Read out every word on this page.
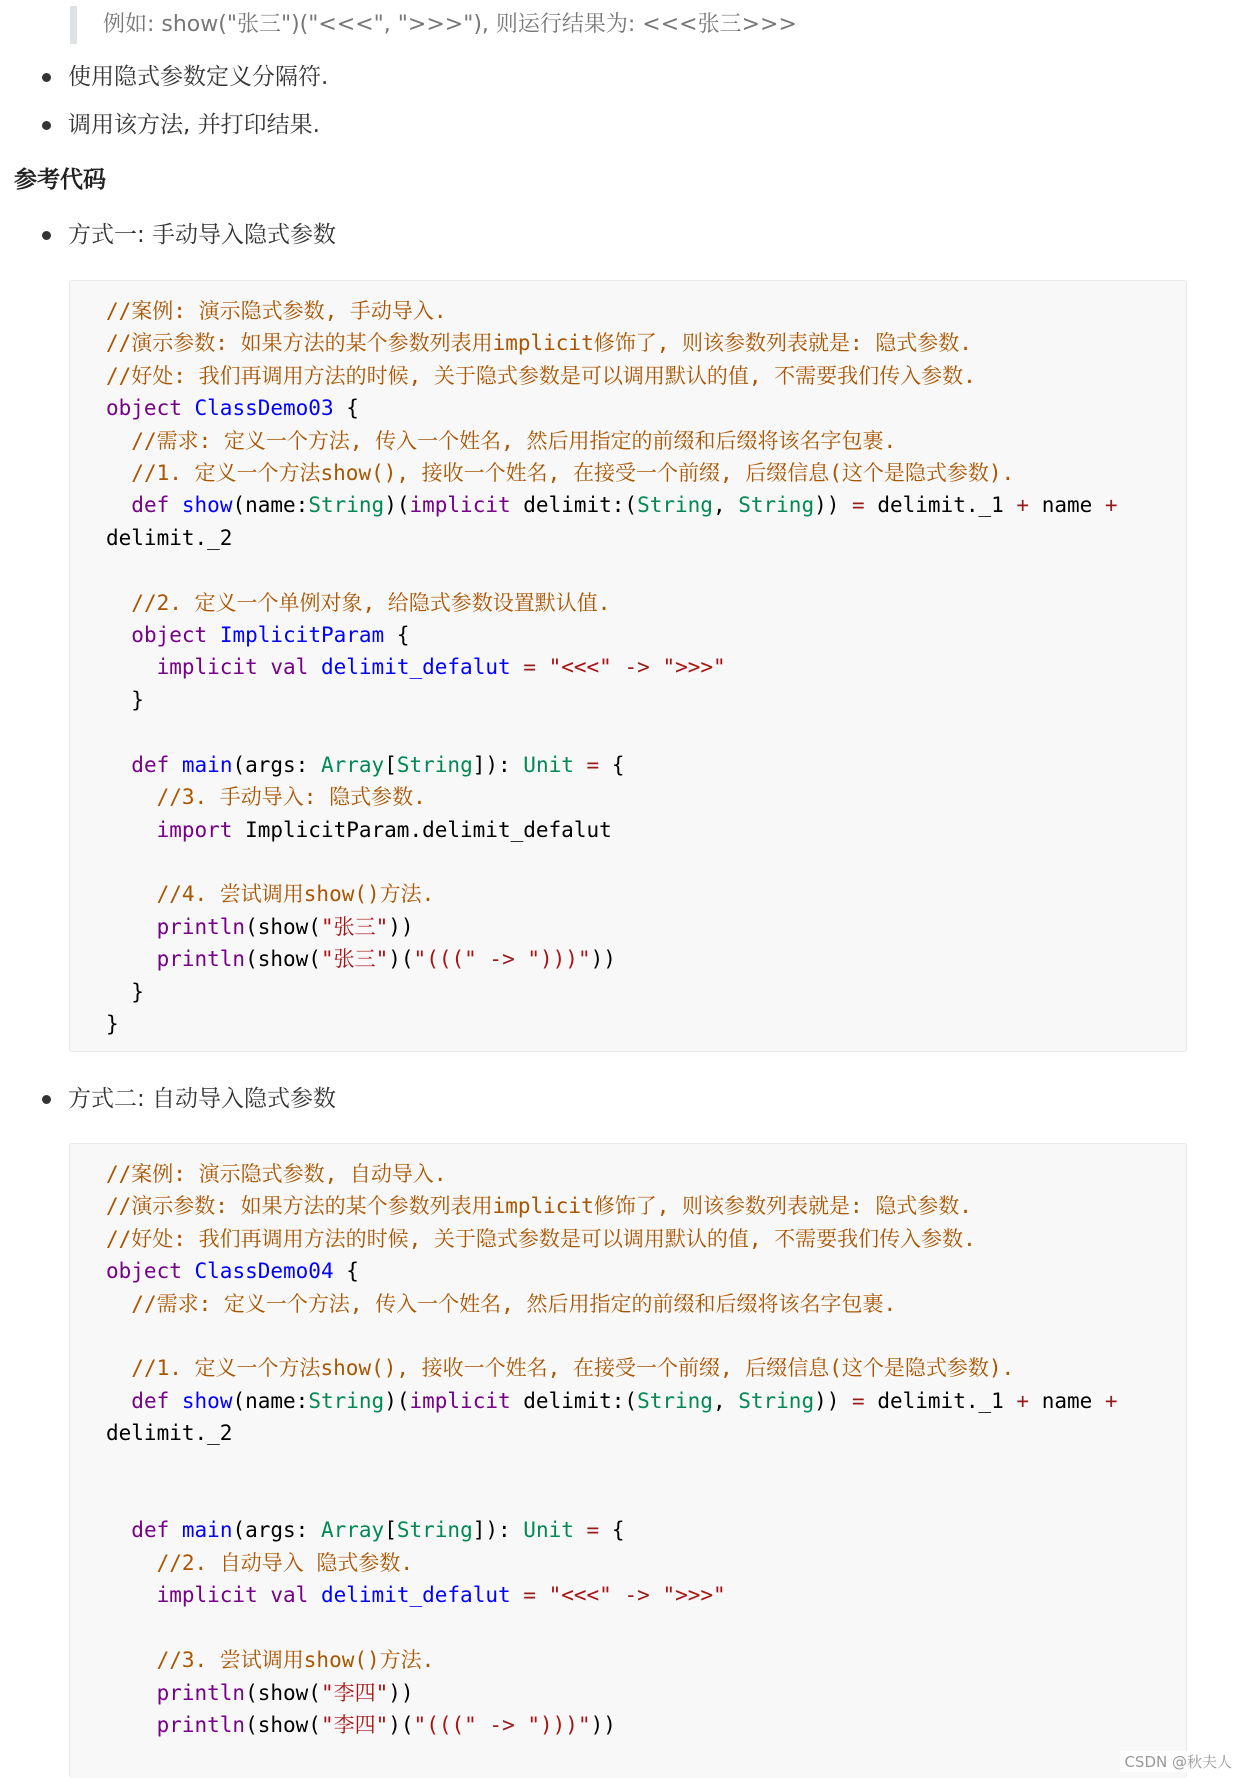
例如: show("张三")("<<<", ">>>"), 则运行结果为: <<<张三>>>
使用隐式参数定义分隔符.
调用该方法, 并打印结果.
参考代码
方式一: 手动导入隐式参数
//案例: 演示隐式参数, 手动导入.
//演示参数: 如果方法的某个参数列表用implicit修饰了, 则该参数列表就是: 隐式参数.
//好处: 我们再调用方法的时候, 关于隐式参数是可以调用默认的值, 不需要我们传入参数.
object ClassDemo03 {
//需求: 定义一个方法, 传入一个姓名, 然后用指定的前缀和后缀将该名字包裹.
//1. 定义一个方法show(), 接收一个姓名, 在接受一个前缀, 后缀信息(这个是隐式参数).
def show(name:String)(implicit delimit:(String, String)) = delimit._1 + name +
delimit._2

//2. 定义一个单例对象, 给隐式参数设置默认值.
object ImplicitParam {
implicit val delimit_defalut = "<<<" -> ">>>"
}

def main(args: Array[String]): Unit = {
//3. 手动导入: 隐式参数.
import ImplicitParam.delimit_defalut

//4. 尝试调用show()方法.
println(show("张三"))
println(show("张三")("(((" -> ")))"))
}
}
方式二: 自动导入隐式参数
//案例: 演示隐式参数, 自动导入.
//演示参数: 如果方法的某个参数列表用implicit修饰了, 则该参数列表就是: 隐式参数.
//好处: 我们再调用方法的时候, 关于隐式参数是可以调用默认的值, 不需要我们传入参数.
object ClassDemo04 {
//需求: 定义一个方法, 传入一个姓名, 然后用指定的前缀和后缀将该名字包裹.

//1. 定义一个方法show(), 接收一个姓名, 在接受一个前缀, 后缀信息(这个是隐式参数).
def show(name:String)(implicit delimit:(String, String)) = delimit._1 + name +
delimit._2

def main(args: Array[String]): Unit = {
//2. 自动导入 隐式参数.
implicit val delimit_defalut = "<<<" -> ">>>"

//3. 尝试调用show()方法.
println(show("李四"))
println(show("李四")("(((" -> ")))"))
CSDN @秋夫人
